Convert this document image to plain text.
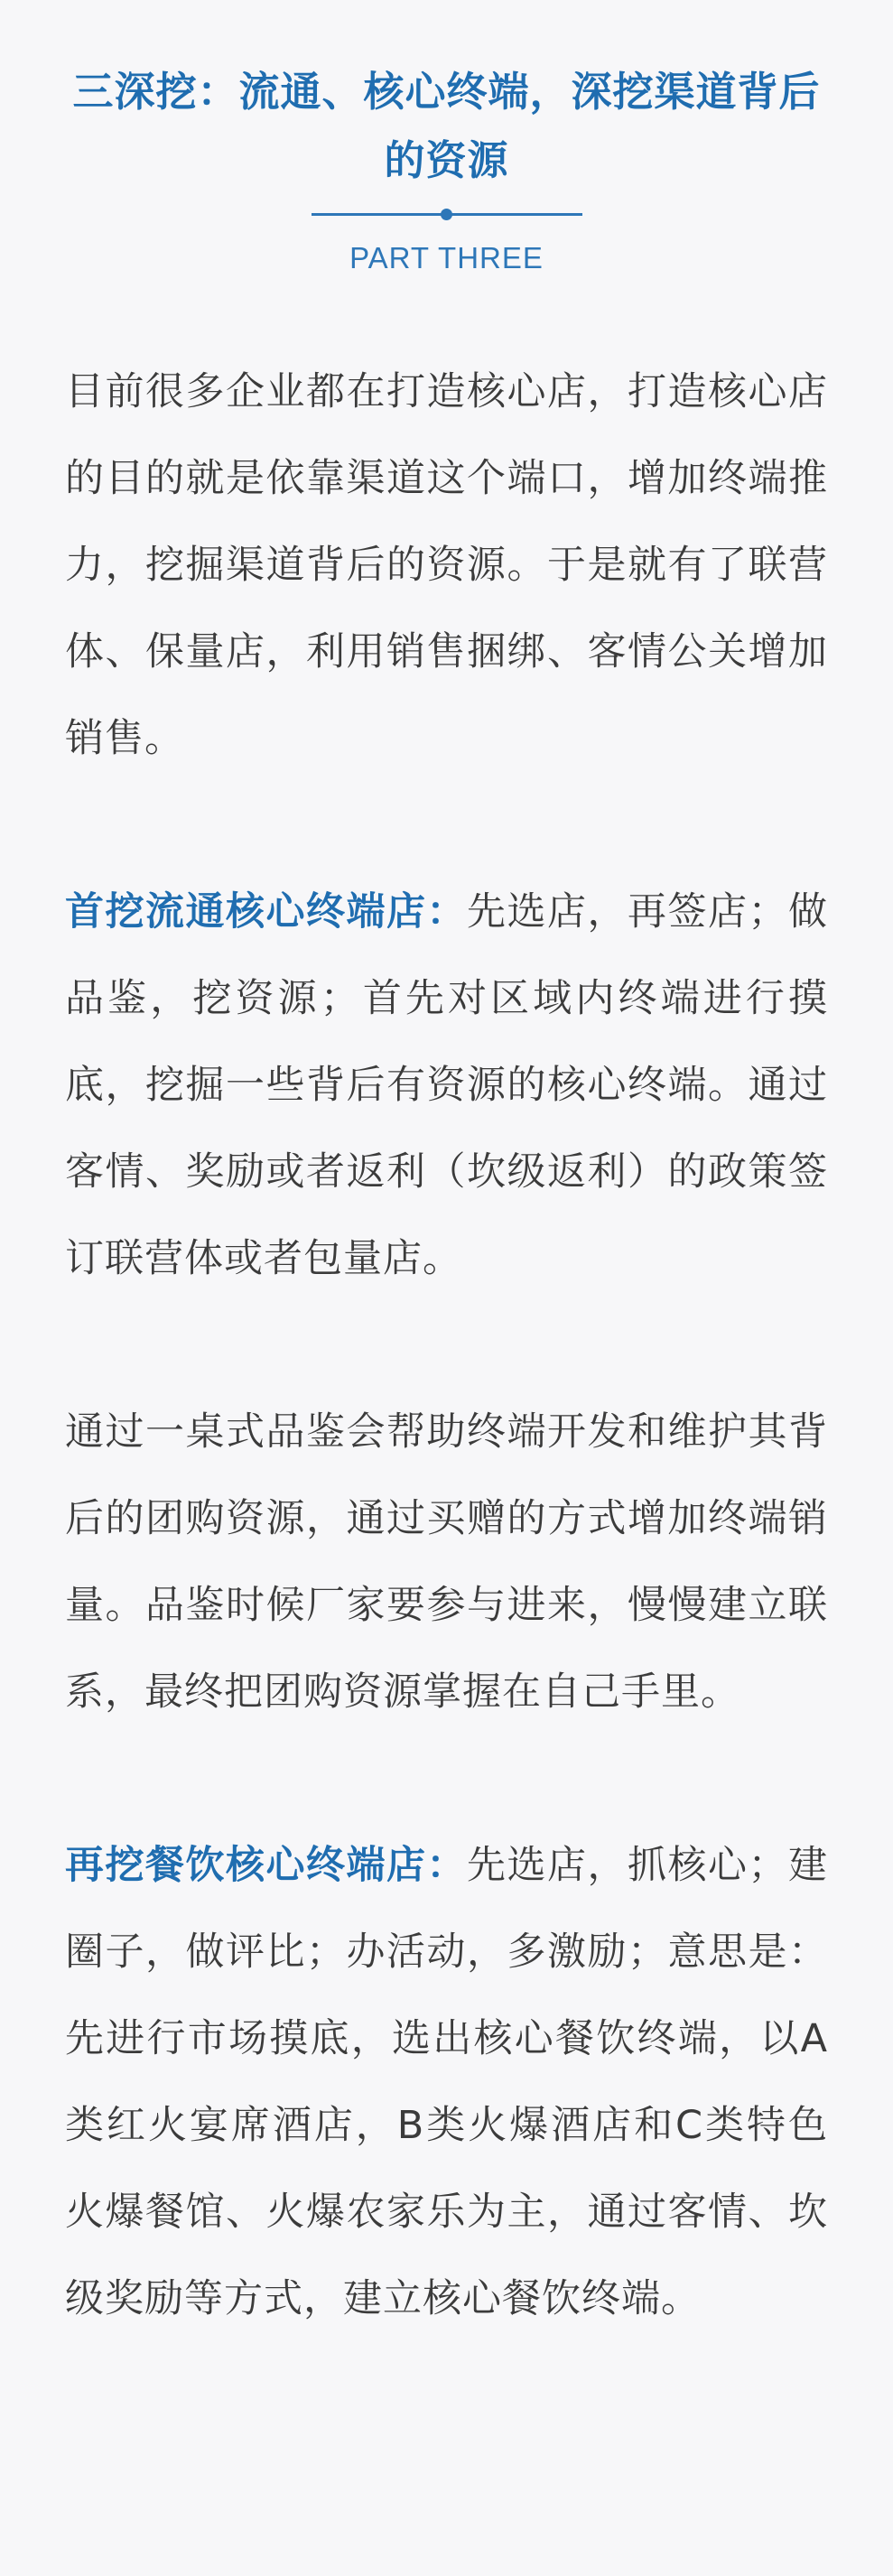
三深挖：流通、核心终端，深挖渠道背后的资源
PART THREE

目前很多企业都在打造核心店，打造核心店的目的就是依靠渠道这个端口，增加终端推力，挖掘渠道背后的资源。于是就有了联营体、保量店，利用销售捆绑、客情公关增加销售。

首挖流通核心终端店：先选店，再签店；做品鉴，挖资源；首先对区域内终端进行摸底，挖掘一些背后有资源的核心终端。通过客情、奖励或者返利（坎级返利）的政策签订联营体或者包量店。

通过一桌式品鉴会帮助终端开发和维护其背后的团购资源，通过买赠的方式增加终端销量。品鉴时候厂家要参与进来，慢慢建立联系，最终把团购资源掌握在自己手里。

再挖餐饮核心终端店：先选店，抓核心；建圈子，做评比；办活动，多激励；意思是：先进行市场摸底，选出核心餐饮终端，以A类红火宴席酒店，B类火爆酒店和C类特色火爆餐馆、火爆农家乐为主，通过客情、坎级奖励等方式，建立核心餐饮终端。
